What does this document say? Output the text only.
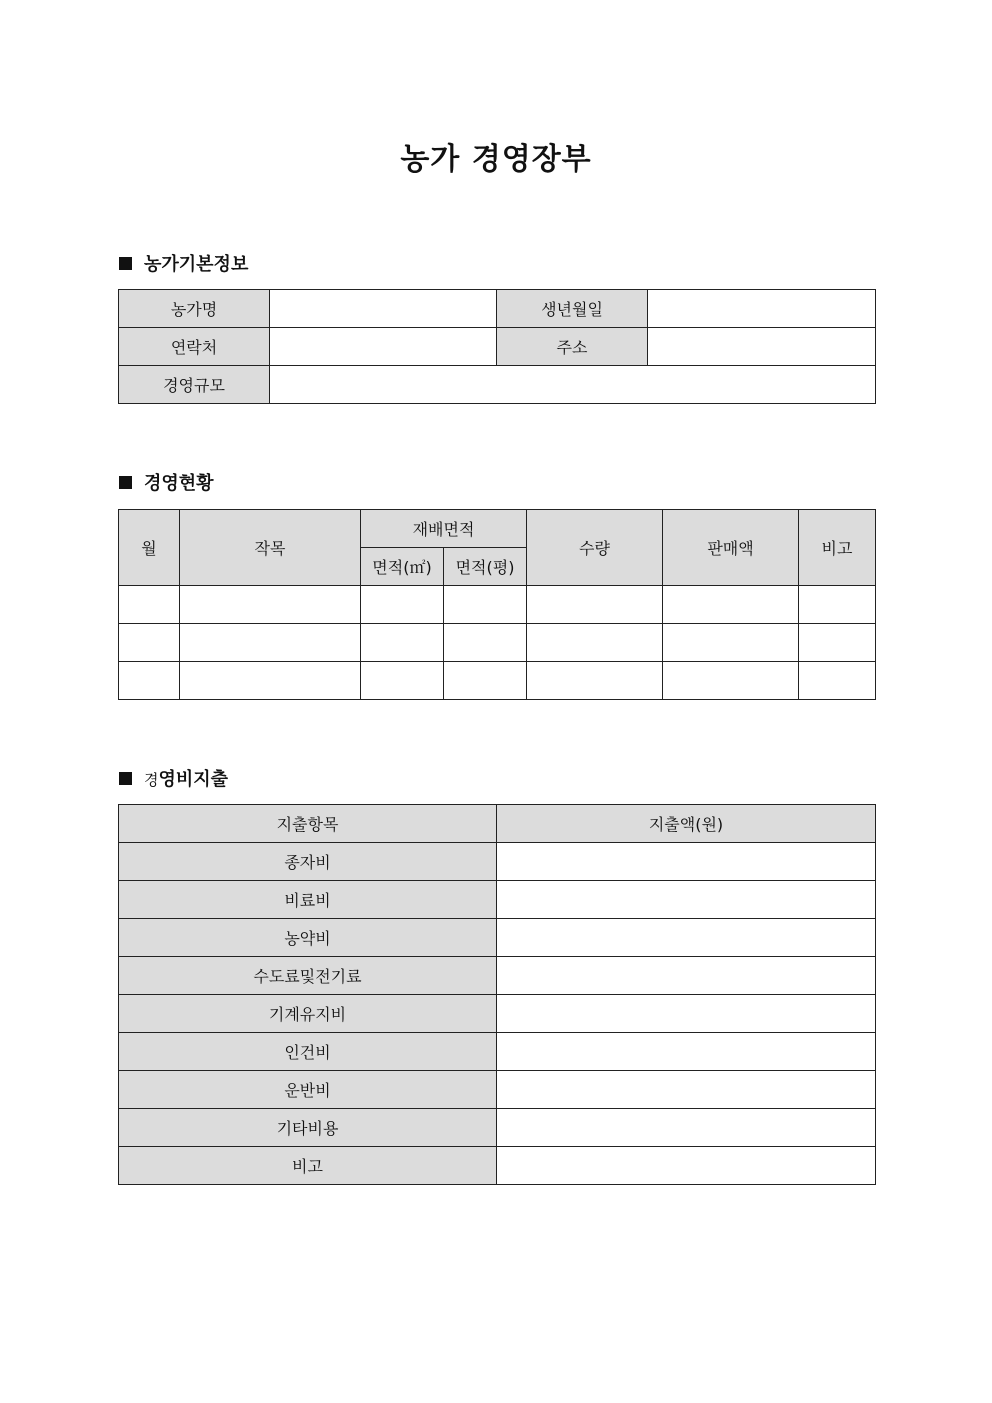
농가 경영장부
농가기본정보
농가명		생년월일	
연락처		주소	
경영규모			
경영현황
월	작목	재배면적		수량	판매액	비고
		면적(㎡)	면적(평)			

경영비지출
지출항목	지출액(원)
종자비	
비료비	
농약비	
수도료및전기료	
기계유지비	
인건비	
운반비	
기타비용	
비고	
